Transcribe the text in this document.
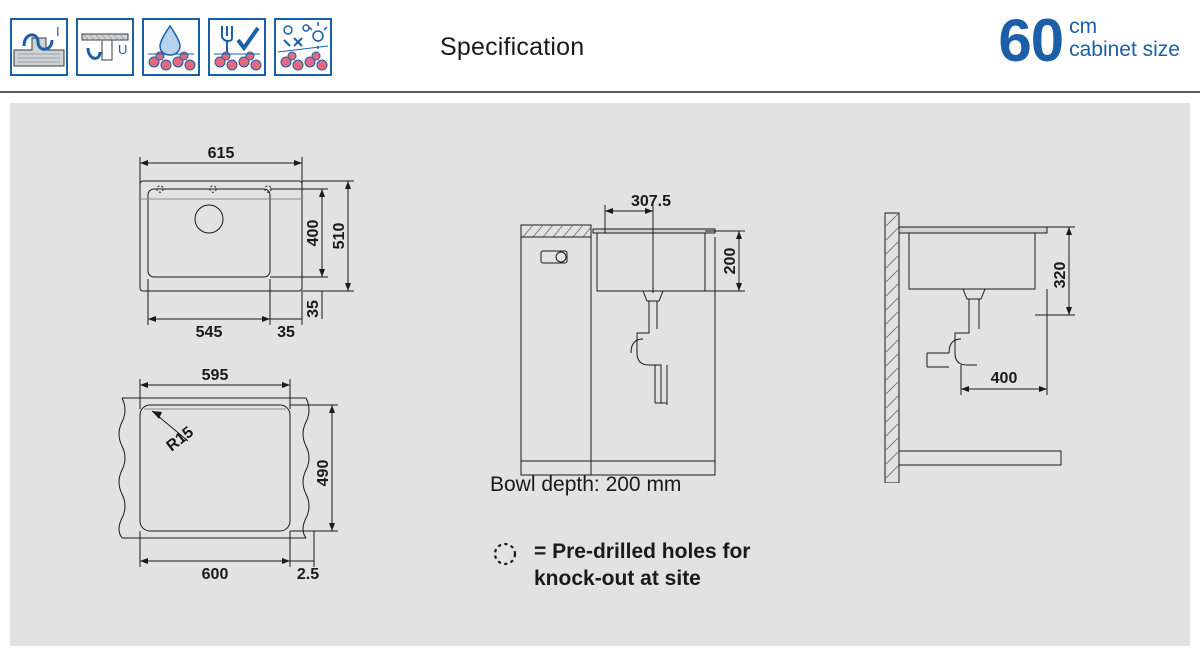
I
U	Specification	60 cm
cabinet size
615
545	35
400 510
35
595
600	2.5
490
R15
307.5
200
320
400
Bowl depth: 200 mm
= Pre-drilled holes for
knock-out at site
